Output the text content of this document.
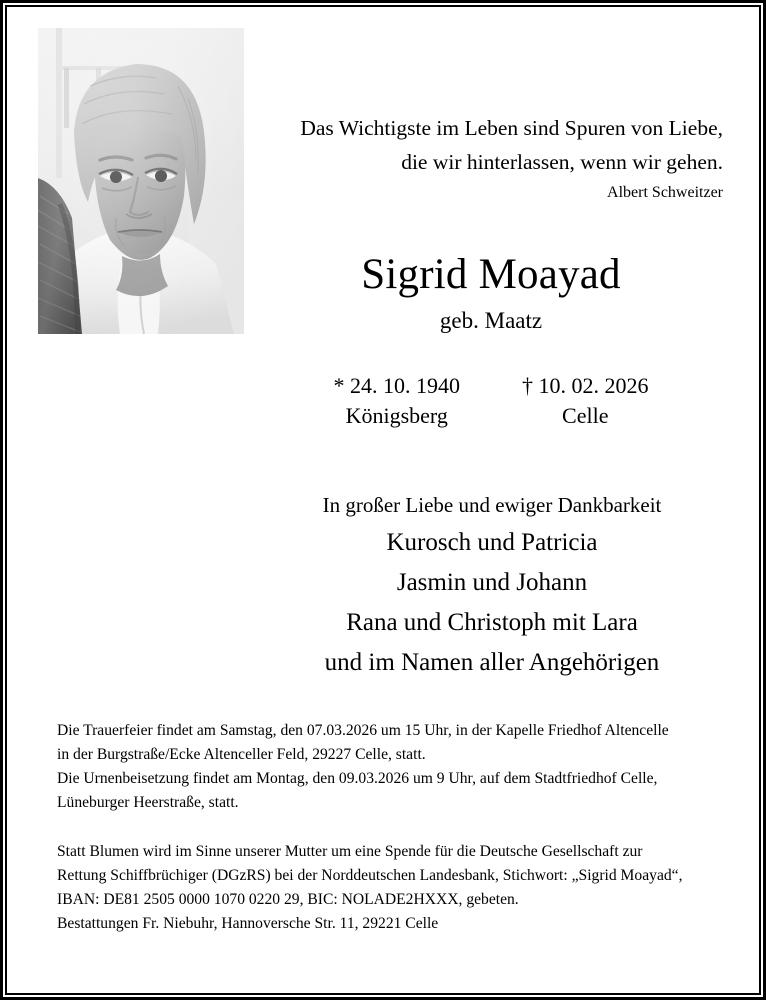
Das Wichtigste im Leben sind Spuren von Liebe,
die wir hinterlassen, wenn wir gehen.
Albert Schweitzer
Sigrid Moayad
geb. Maatz
* 24. 10. 1940
Königsberg
† 10. 02. 2026
Celle
In großer Liebe und ewiger Dankbarkeit
Kurosch und Patricia
Jasmin und Johann
Rana und Christoph mit Lara
und im Namen aller Angehörigen

Die Trauerfeier findet am Samstag, den 07.03.2026 um 15 Uhr, in der Kapelle Friedhof Altencelle

in der Burgstraße/Ecke Altenceller Feld, 29227 Celle, statt.

Die Urnenbeisetzung findet am Montag, den 09.03.2026 um 9 Uhr, auf dem Stadtfriedhof Celle,

Lüneburger Heerstraße, statt.

Statt Blumen wird im Sinne unserer Mutter um eine Spende für die Deutsche Gesellschaft zur

Rettung Schiffbrüchiger (DGzRS) bei der Norddeutschen Landesbank, Stichwort: „Sigrid Moayad“,

IBAN: DE81 2505 0000 1070 0220 29, BIC: NOLADE2HXXX, gebeten.

Bestattungen Fr. Niebuhr, Hannoversche Str. 11, 29221 Celle
